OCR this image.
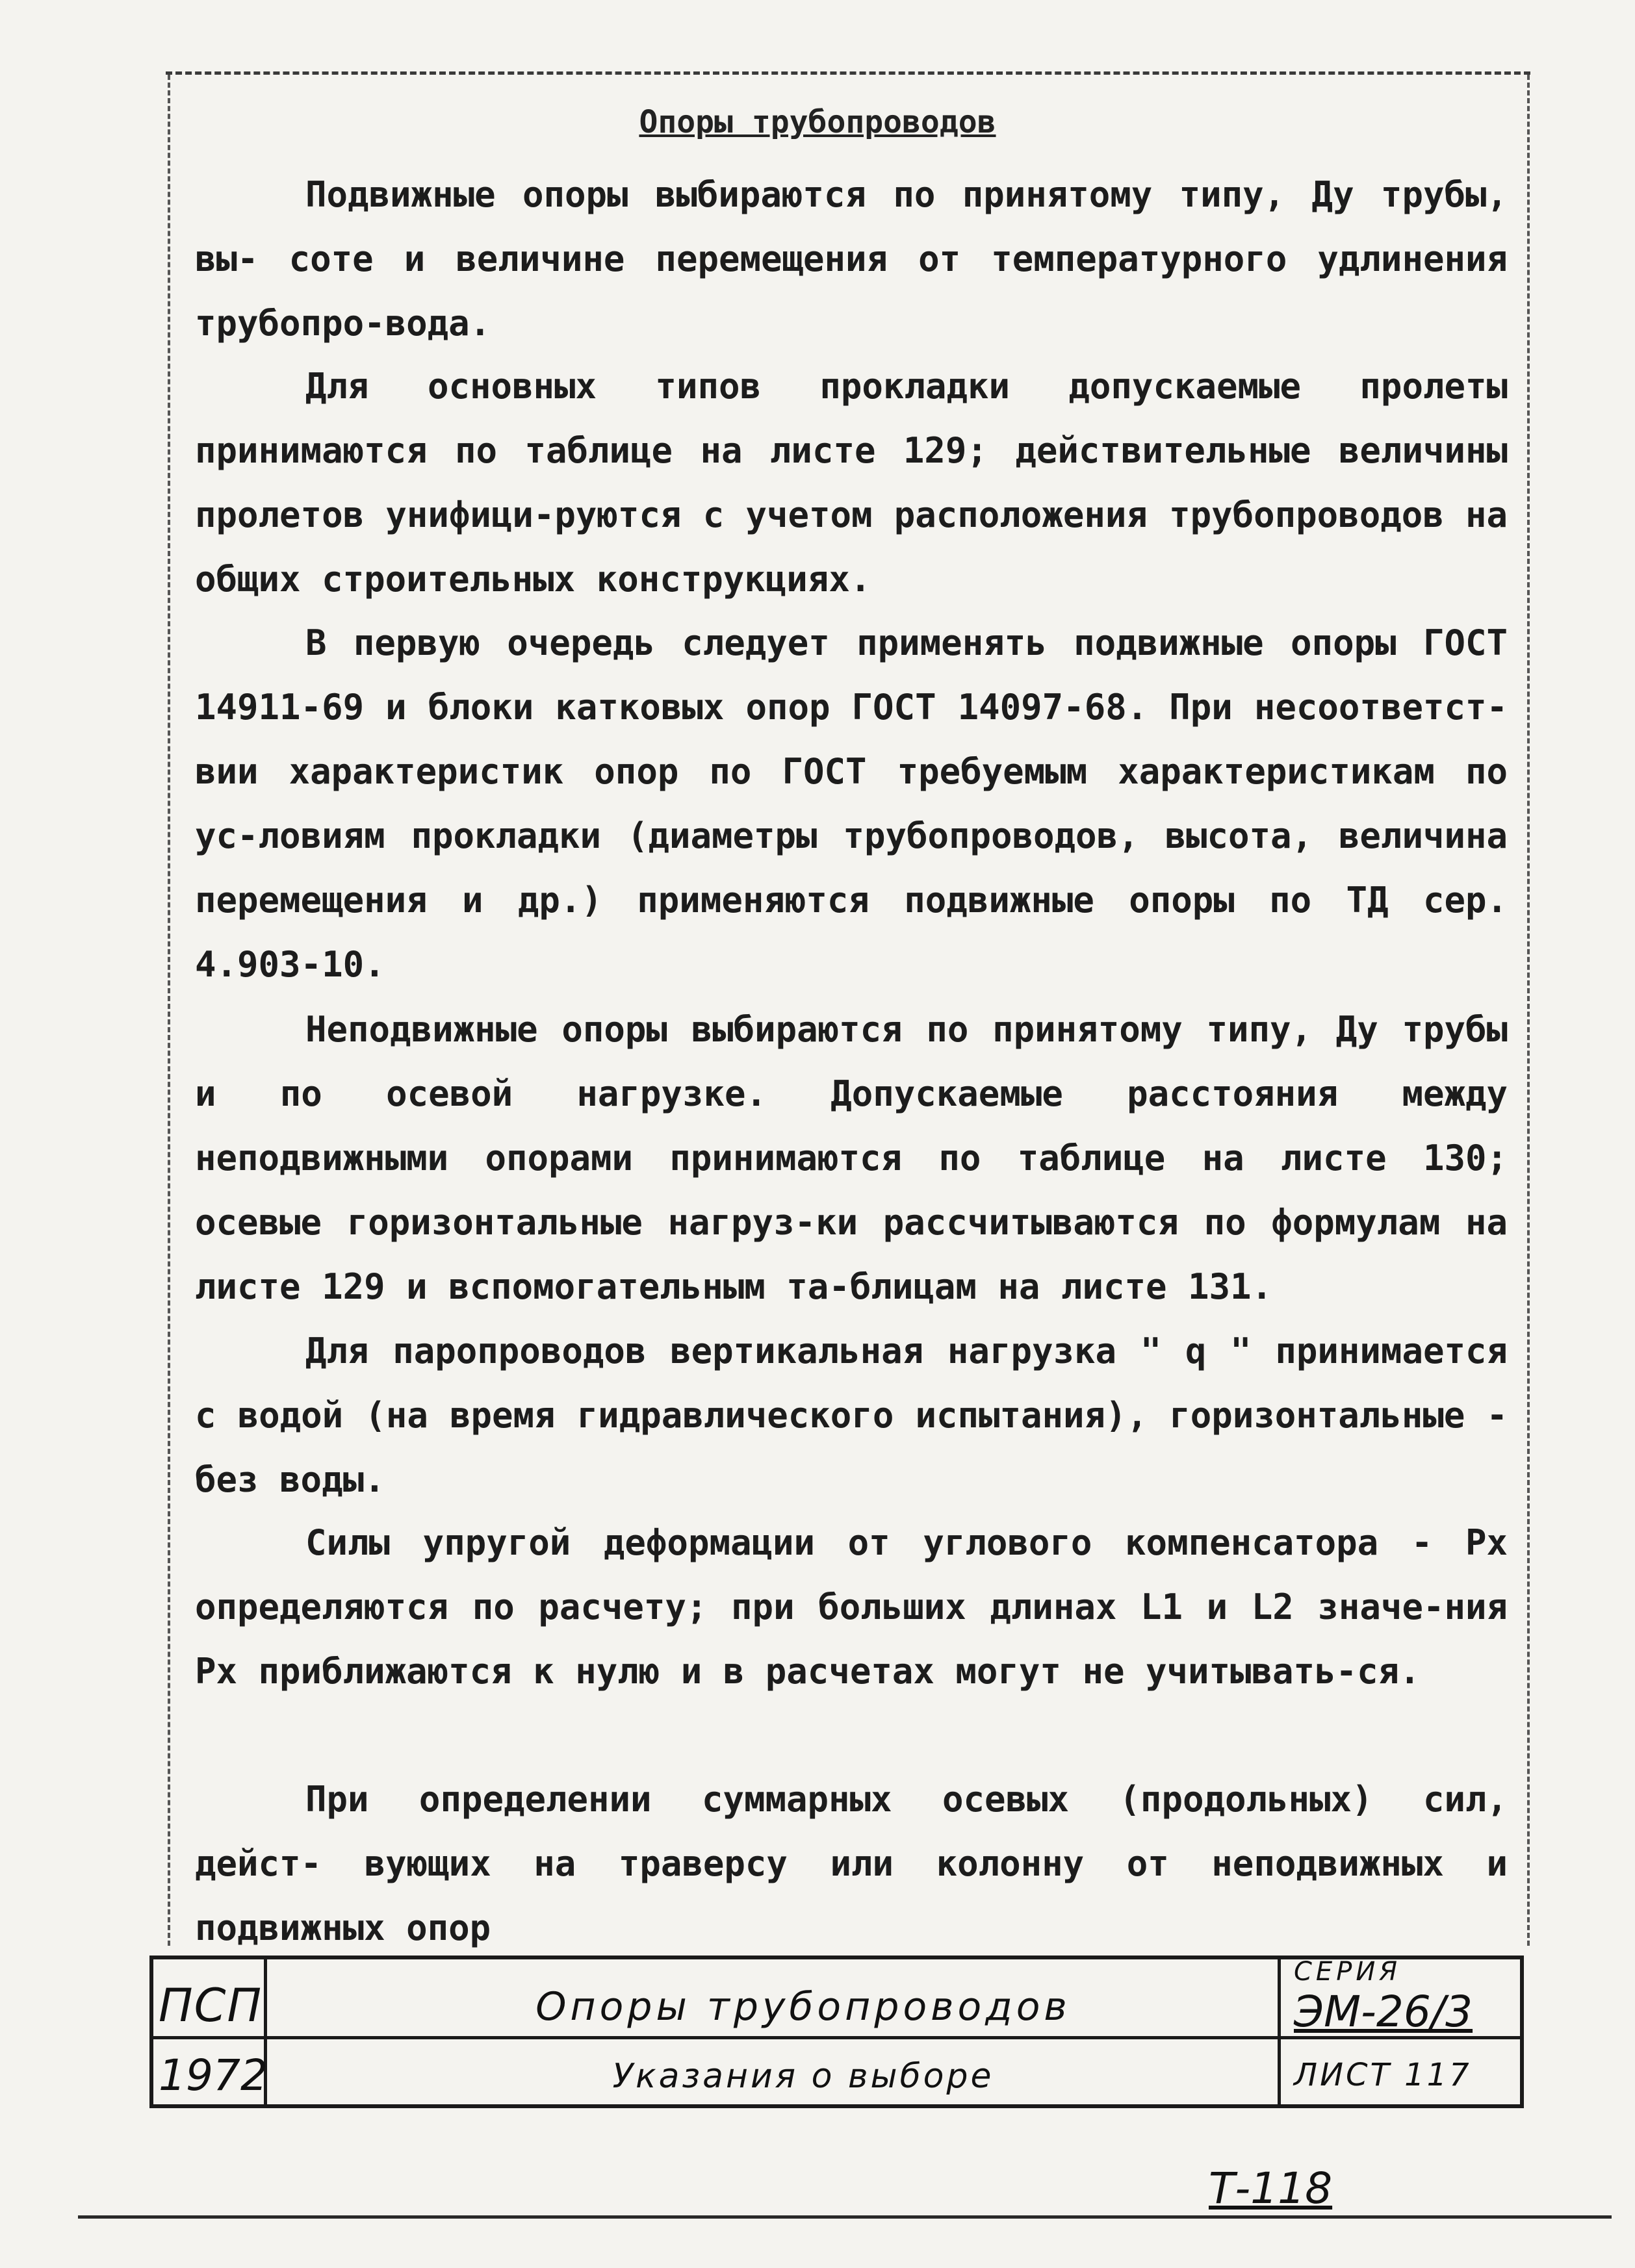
Опоры трубопроводов

Подвижные опоры выбираются по принятому типу, Ду трубы, вы- соте и величине перемещения от температурного удлинения трубопро-вода.

Для основных типов прокладки допускаемые пролеты принимаются по таблице на листе 129; действительные величины пролетов унифици-руются с учетом расположения трубопроводов на общих строительных конструкциях.

В первую очередь следует применять подвижные опоры ГОСТ 14911-69 и блоки катковых опор ГОСТ 14097-68. При несоответст-вии характеристик опор по ГОСТ требуемым характеристикам по ус-ловиям прокладки (диаметры трубопроводов, высота, величина перемещения и др.) применяются подвижные опоры по ТД сер. 4.903-10.

Неподвижные опоры выбираются по принятому типу, Ду трубы и по осевой нагрузке. Допускаемые расстояния между неподвижными опорами принимаются по таблице на листе 130; осевые горизонтальные нагруз-ки рассчитываются по формулам на листе 129 и вспомогательным та-блицам на листе 131.

Для паропроводов вертикальная нагрузка " q " принимается с водой (на время гидравлического испытания), горизонтальные - без воды.

Силы упругой деформации от углового компенсатора - Px определяются по расчету; при больших длинах L1 и L2 значе-ния Px приближаются к нулю и в расчетах могут не учитывать-ся.

При определении суммарных осевых (продольных) сил, дейст- вующих на траверсу или колонну от неподвижных и подвижных опор

ПСП
1972
Опоры трубопроводов
Указания о выборе
СЕРИЯ
ЭМ-26/3
ЛИСТ 117
Т-118
